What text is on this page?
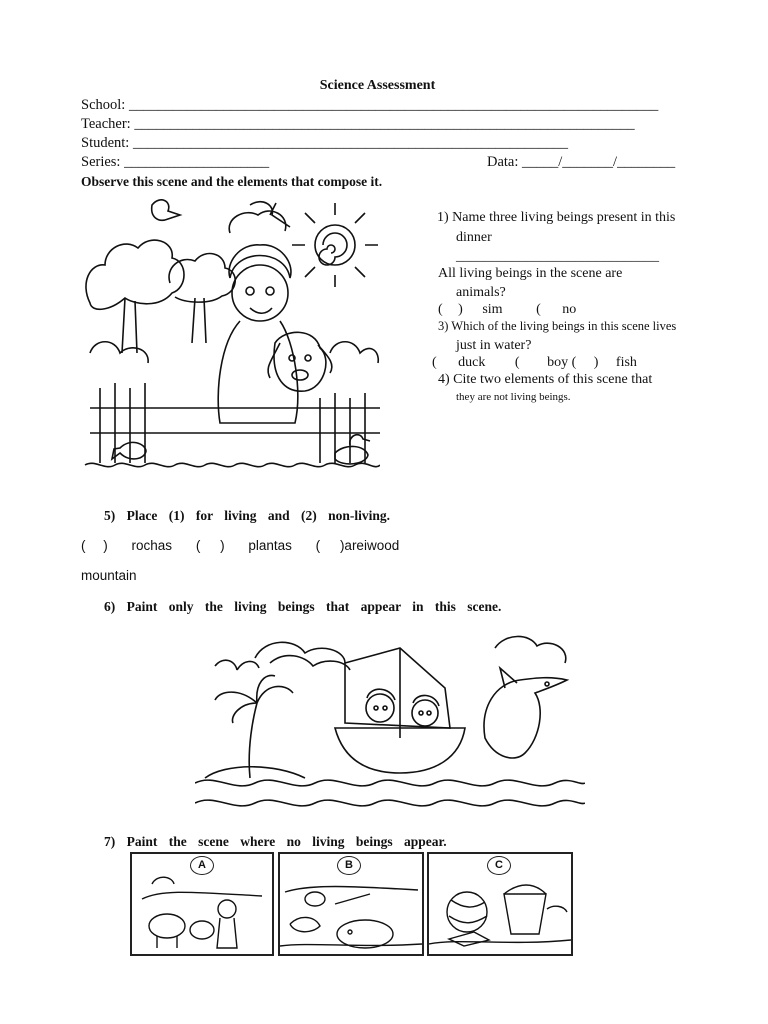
Science Assessment
School: _________________________________________________________________________
Teacher: _____________________________________________________________________
Student: ____________________________________________________________
Series: ____________________	Data: _____/_______/________
Observe this scene and the elements that compose it.
1) Name three living beings present in this
dinner
_____________________________
All living beings in the scene are
animals?
( ) sim ( no
3) Which of the living beings in this scene lives
just in water?
( duck ( boy ( ) fish
4) Cite two elements of this scene that
they are not living beings.
5) Place (1) for living and (2) non-living.
( ) rochas ( ) plantas ( )areiwood
mountain
6) Paint only the living beings that appear in this scene.
7) Paint the scene where no living beings appear.
A	B	C
